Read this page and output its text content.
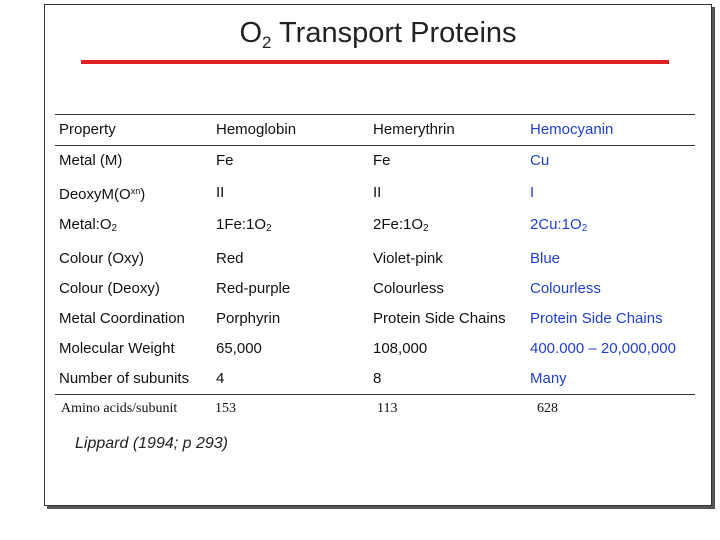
$O_2$ Transport Proteins
Property	Hemoglobin	Hemerythrin	Hemocyanin
Metal (M)	Fe	Fe	Cu
$DeoxyM(O^{xn})$	II	II	I
$Metal:O_2$	$1Fe:1O_2$	$2Fe:1O_2$	$2Cu:1O_2$
Colour (Oxy)	Red	Violet-pink	Blue
Colour (Deoxy)	Red-purple	Colourless	Colourless
Metal Coordination	Porphyrin	Protein Side Chains	Protein Side Chains
Molecular Weight	65,000	108,000	400.000 – 20,000,000
Number of subunits	4	8	Many
Amino acids/subunit	153	113	628
Lippard (1994; p 293)
